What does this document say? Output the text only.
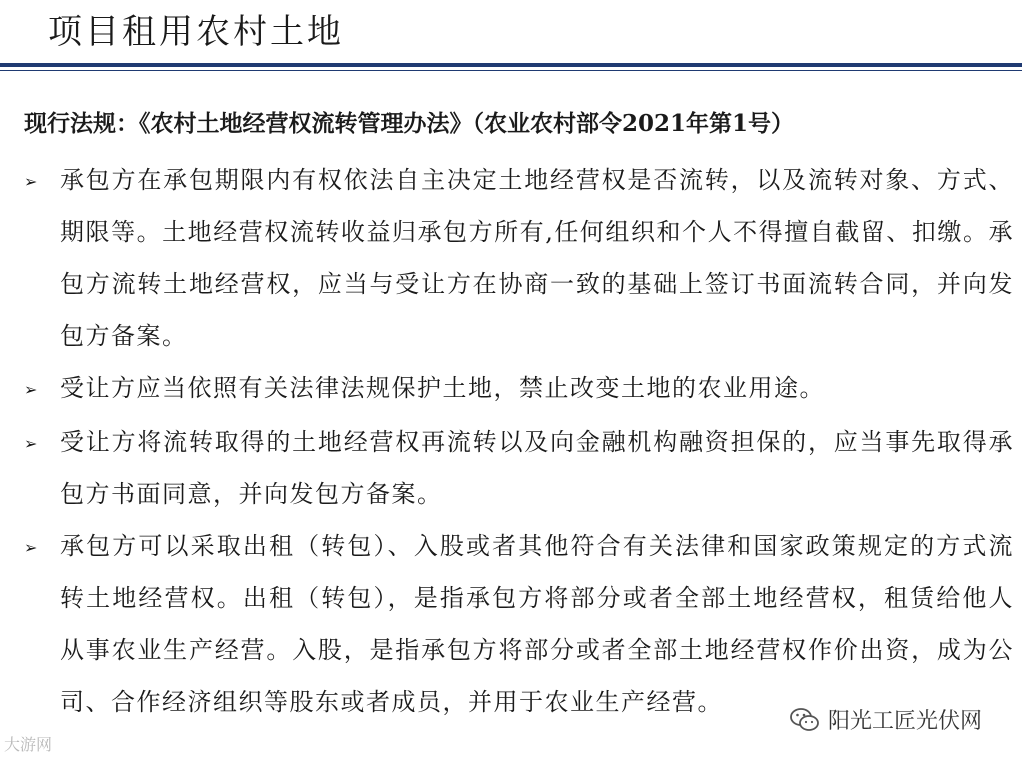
项目租用农村土地
现行法规：《农村土地经营权流转管理办法》（农业农村部令2021年第1号）
➢ 承包方在承包期限内有权依法自主决定土地经营权是否流转，以及流转对象、方式、期限等。土地经营权流转收益归承包方所有,任何组织和个人不得擅自截留、扣缴。承包方流转土地经营权，应当与受让方在协商一致的基础上签订书面流转合同，并向发包方备案。
➢ 受让方应当依照有关法律法规保护土地，禁止改变土地的农业用途。
➢ 受让方将流转取得的土地经营权再流转以及向金融机构融资担保的，应当事先取得承包方书面同意，并向发包方备案。
➢ 承包方可以采取出租（转包）、入股或者其他符合有关法律和国家政策规定的方式流转土地经营权。出租（转包），是指承包方将部分或者全部土地经营权，租赁给他人从事农业生产经营。入股，是指承包方将部分或者全部土地经营权作价出资，成为公司、合作经济组织等股东或者成员，并用于农业生产经营。
大游网
阳光工匠光伏网
